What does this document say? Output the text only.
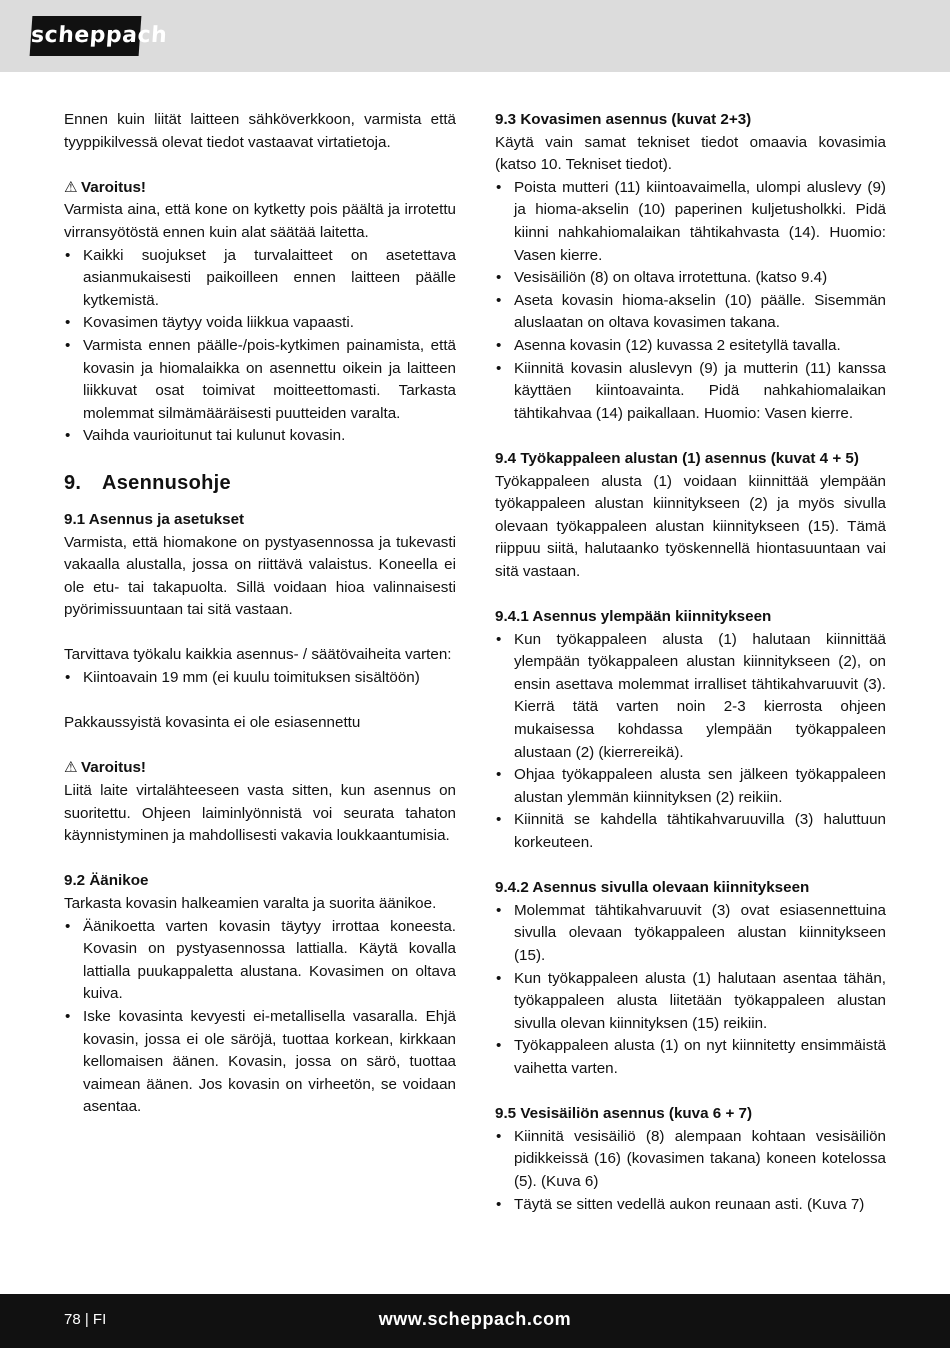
scheppach

Ennen kuin liität laitteen sähköverkkoon, varmista että tyyppikilvessä olevat tiedot vastaavat virtatietoja.

⚠ Varoitus!

Varmista aina, että kone on kytketty pois päältä ja irrotettu virransyötöstä ennen kuin alat säätää laitetta.

• Kaikki suojukset ja turvalaitteet on asetettava asianmukaisesti paikoilleen ennen laitteen päälle kytkemistä.
• Kovasimen täytyy voida liikkua vapaasti.
• Varmista ennen päälle-/pois-kytkimen painamista, että kovasin ja hiomalaikka on asennettu oikein ja laitteen liikkuvat osat toimivat moitteettomasti. Tarkasta molemmat silmämääräisesti puutteiden varalta.
• Vaihda vaurioitunut tai kulunut kovasin.
9. Asennusohje
9.1 Asennus ja asetukset

Varmista, että hiomakone on pystyasennossa ja tukevasti vakaalla alustalla, jossa on riittävä valaistus. Koneella ei ole etu- tai takapuolta. Sillä voidaan hioa valinnaisesti pyörimissuuntaan tai sitä vastaan.

Tarvittava työkalu kaikkia asennus- / säätövaiheita varten:

• Kiintoavain 19 mm (ei kuulu toimituksen sisältöön)

Pakkaussyistä kovasinta ei ole esiasennettu

⚠ Varoitus!

Liitä laite virtalähteeseen vasta sitten, kun asennus on suoritettu. Ohjeen laiminlyönnistä voi seurata tahaton käynnistyminen ja mahdollisesti vakavia loukkaantumisia.

9.2 Äänikoe

Tarkasta kovasin halkeamien varalta ja suorita äänikoe.

• Äänikoetta varten kovasin täytyy irrottaa koneesta. Kovasin on pystyasennossa lattialla. Käytä kovalla lattialla puukappaletta alustana. Kovasimen on oltava kuiva.
• Iske kovasinta kevyesti ei-metallisella vasaralla. Ehjä kovasin, jossa ei ole säröjä, tuottaa korkean, kirkkaan kellomaisen äänen. Kovasin, jossa on särö, tuottaa vaimean äänen. Jos kovasin on virheetön, se voidaan asentaa.
9.3 Kovasimen asennus (kuvat 2+3)

Käytä vain samat tekniset tiedot omaavia kovasimia (katso 10. Tekniset tiedot).

• Poista mutteri (11) kiintoavaimella, ulompi aluslevy (9) ja hioma-akselin (10) paperinen kuljetusholkki. Pidä kiinni nahkahiomalaikan tähtikahvasta (14). Huomio: Vasen kierre.
• Vesisäiliön (8) on oltava irrotettuna. (katso 9.4)
• Aseta kovasin hioma-akselin (10) päälle. Sisemmän aluslaatan on oltava kovasimen takana.
• Asenna kovasin (12) kuvassa 2 esitetyllä tavalla.
• Kiinnitä kovasin aluslevyn (9) ja mutterin (11) kanssa käyttäen kiintoavainta. Pidä nahkahiomalaikan tähtikahvaa (14) paikallaan. Huomio: Vasen kierre.
9.4 Työkappaleen alustan (1) asennus (kuvat 4 + 5)

Työkappaleen alusta (1) voidaan kiinnittää ylempään työkappaleen alustan kiinnitykseen (2) ja myös sivulla olevaan työkappaleen alustan kiinnitykseen (15). Tämä riippuu siitä, halutaanko työskennellä hiontasuuntaan vai sitä vastaan.

9.4.1 Asennus ylempään kiinnitykseen
• Kun työkappaleen alusta (1) halutaan kiinnittää ylempään työkappaleen alustan kiinnitykseen (2), on ensin asettava molemmat irralliset tähtikahvaruuvit (3). Kierrä tätä varten noin 2-3 kierrosta ohjeen mukaisessa kohdassa ylempään työkappaleen alustaan (2) (kierrereikä).
• Ohjaa työkappaleen alusta sen jälkeen työkappaleen alustan ylemmän kiinnityksen (2) reikiin.
• Kiinnitä se kahdella tähtikahvaruuvilla (3) haluttuun korkeuteen.
9.4.2 Asennus sivulla olevaan kiinnitykseen
• Molemmat tähtikahvaruuvit (3) ovat esiasennettuina sivulla olevaan työkappaleen alustan kiinnitykseen (15).
• Kun työkappaleen alusta (1) halutaan asentaa tähän, työkappaleen alusta liitetään työkappaleen alustan sivulla olevan kiinnityksen (15) reikiin.
• Työkappaleen alusta (1) on nyt kiinnitetty ensimmäistä vaihetta varten.
9.5 Vesisäiliön asennus (kuva 6 + 7)
• Kiinnitä vesisäiliö (8) alempaan kohtaan vesisäiliön pidikkeissä (16) (kovasimen takana) koneen kotelossa (5). (Kuva 6)
• Täytä se sitten vedellä aukon reunaan asti. (Kuva 7)
78 | FI	www.scheppach.com
